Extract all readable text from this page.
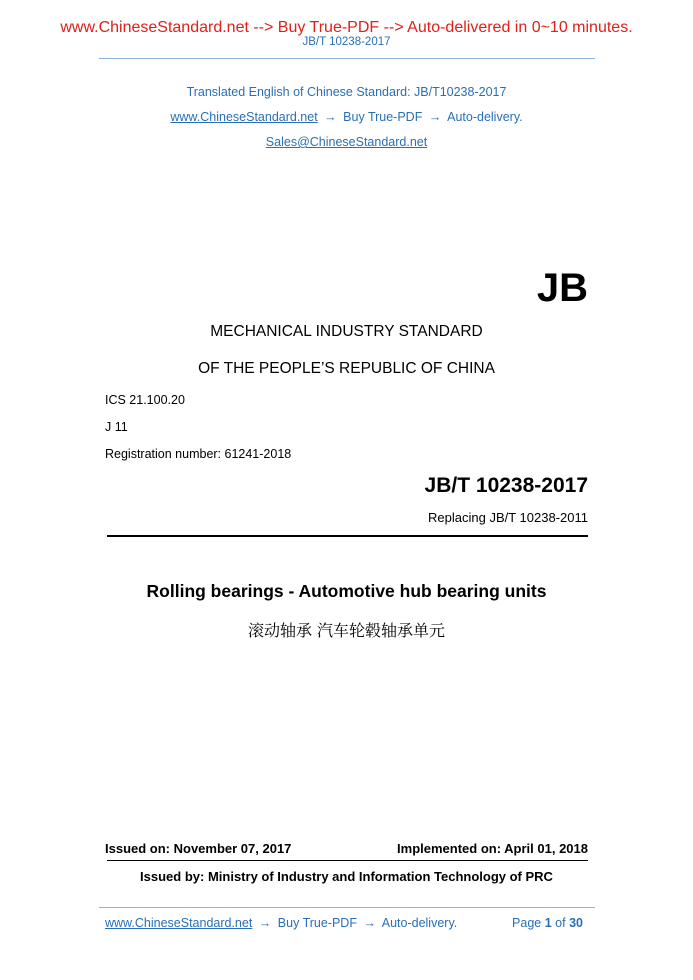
www.ChineseStandard.net --> Buy True-PDF --> Auto-delivered in 0~10 minutes.
JB/T 10238-2017
Translated English of Chinese Standard: JB/T10238-2017
www.ChineseStandard.net → Buy True-PDF → Auto-delivery.
Sales@ChineseStandard.net
JB
MECHANICAL INDUSTRY STANDARD
OF THE PEOPLE’S REPUBLIC OF CHINA
ICS 21.100.20
J 11
Registration number: 61241-2018
JB/T 10238-2017
Replacing JB/T 10238-2011
Rolling bearings - Automotive hub bearing units
滚动轴承 汽车轮毂轴承单元
Issued on: November 07, 2017	Implemented on: April 01, 2018
Issued by: Ministry of Industry and Information Technology of PRC
www.ChineseStandard.net → Buy True-PDF → Auto-delivery.	Page 1 of 30
